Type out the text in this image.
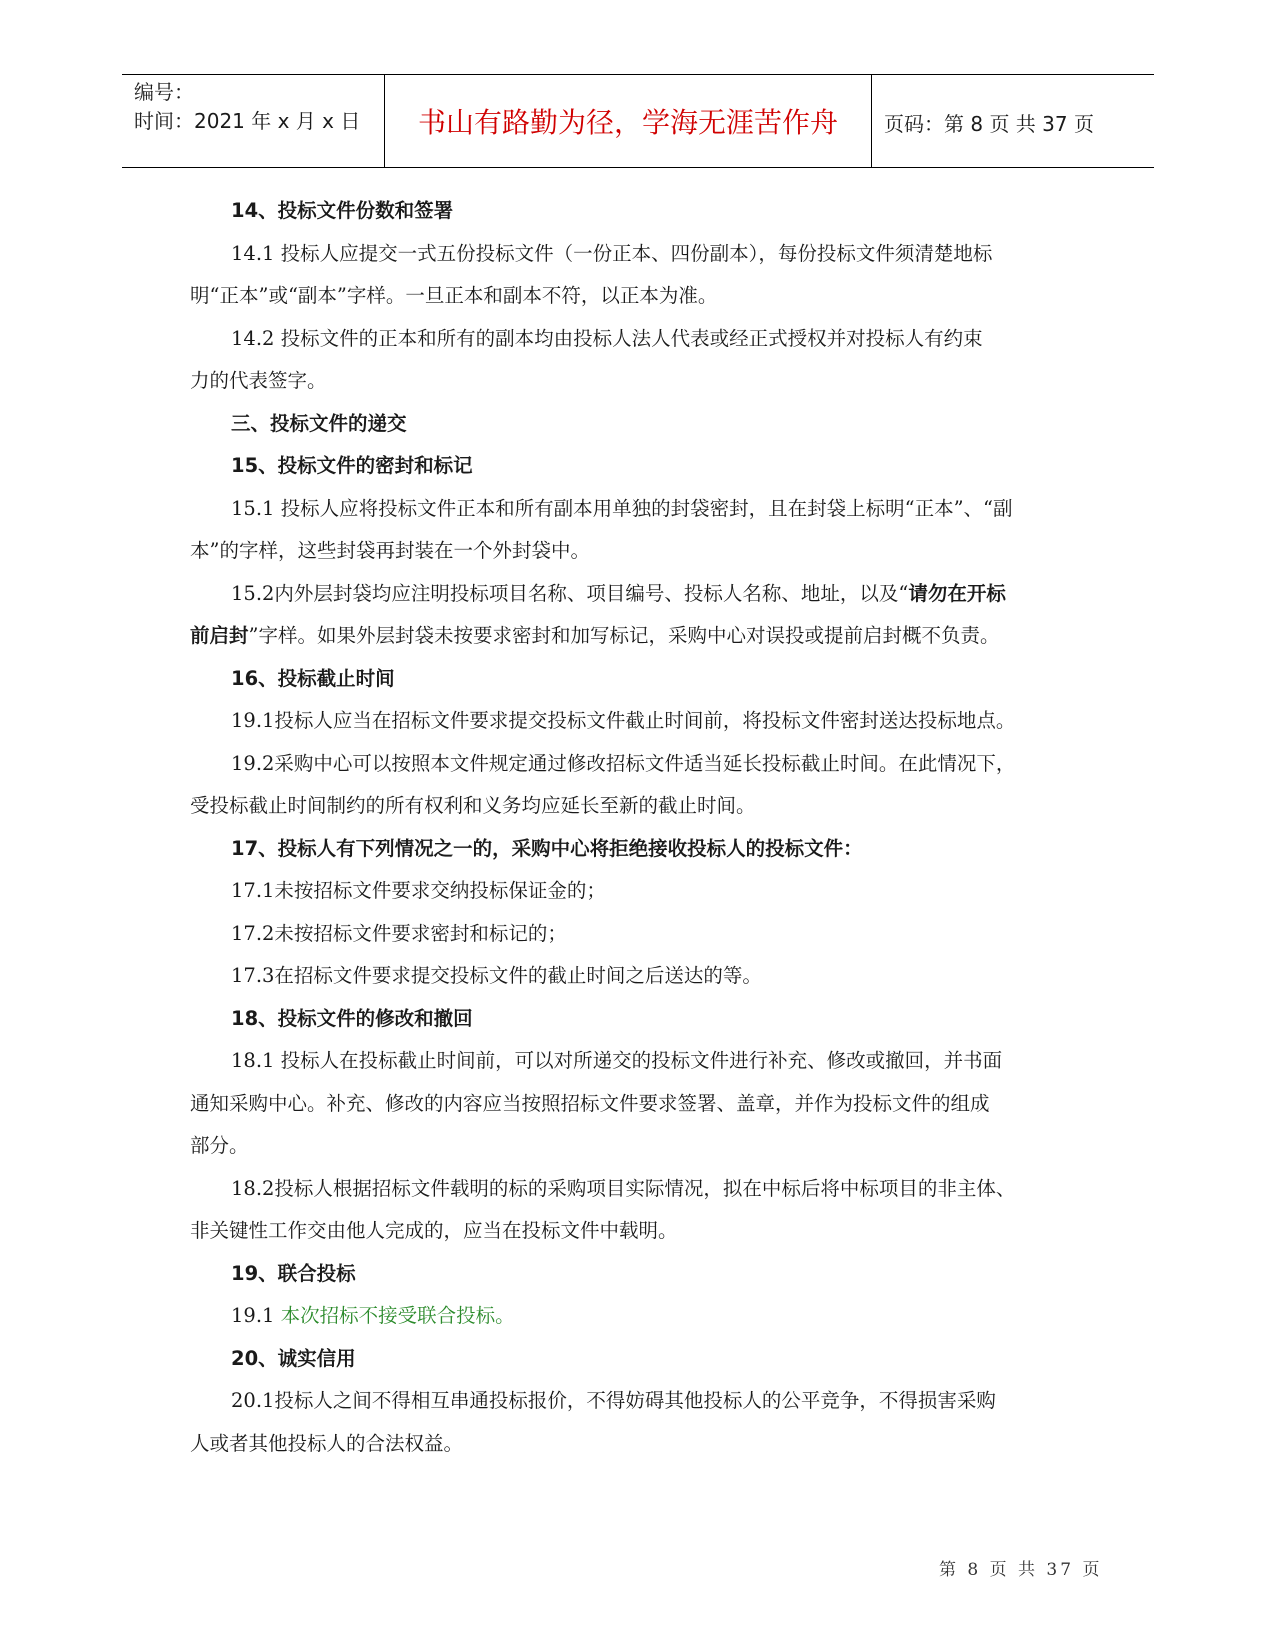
编号：
时间：2021 年 x 月 x 日	书山有路勤为径，学海无涯苦作舟	页码：第 8 页 共 37 页
14、投标文件份数和签署
14.1 投标人应提交一式五份投标文件（一份正本、四份副本），每份投标文件须清楚地标
明“正本”或“副本”字样。一旦正本和副本不符，以正本为准。
14.2 投标文件的正本和所有的副本均由投标人法人代表或经正式授权并对投标人有约束
力的代表签字。
三、投标文件的递交
15、投标文件的密封和标记
15.1 投标人应将投标文件正本和所有副本用单独的封袋密封，且在封袋上标明“正本”、“副
本”的字样，这些封袋再封装在一个外封袋中。
15.2内外层封袋均应注明投标项目名称、项目编号、投标人名称、地址，以及“请勿在开标
前启封”字样。如果外层封袋未按要求密封和加写标记，采购中心对误投或提前启封概不负责。
16、投标截止时间
19.1投标人应当在招标文件要求提交投标文件截止时间前，将投标文件密封送达投标地点。
19.2采购中心可以按照本文件规定通过修改招标文件适当延长投标截止时间。在此情况下，
受投标截止时间制约的所有权利和义务均应延长至新的截止时间。
17、投标人有下列情况之一的，采购中心将拒绝接收投标人的投标文件：
17.1未按招标文件要求交纳投标保证金的；
17.2未按招标文件要求密封和标记的；
17.3在招标文件要求提交投标文件的截止时间之后送达的等。
18、投标文件的修改和撤回
18.1 投标人在投标截止时间前，可以对所递交的投标文件进行补充、修改或撤回，并书面
通知采购中心。补充、修改的内容应当按照招标文件要求签署、盖章，并作为投标文件的组成
部分。
18.2投标人根据招标文件载明的标的采购项目实际情况，拟在中标后将中标项目的非主体、
非关键性工作交由他人完成的，应当在投标文件中载明。
19、联合投标
19.1 本次招标不接受联合投标。
20、诚实信用
20.1投标人之间不得相互串通投标报价，不得妨碍其他投标人的公平竞争，不得损害采购
人或者其他投标人的合法权益。
第 8 页 共 37 页
